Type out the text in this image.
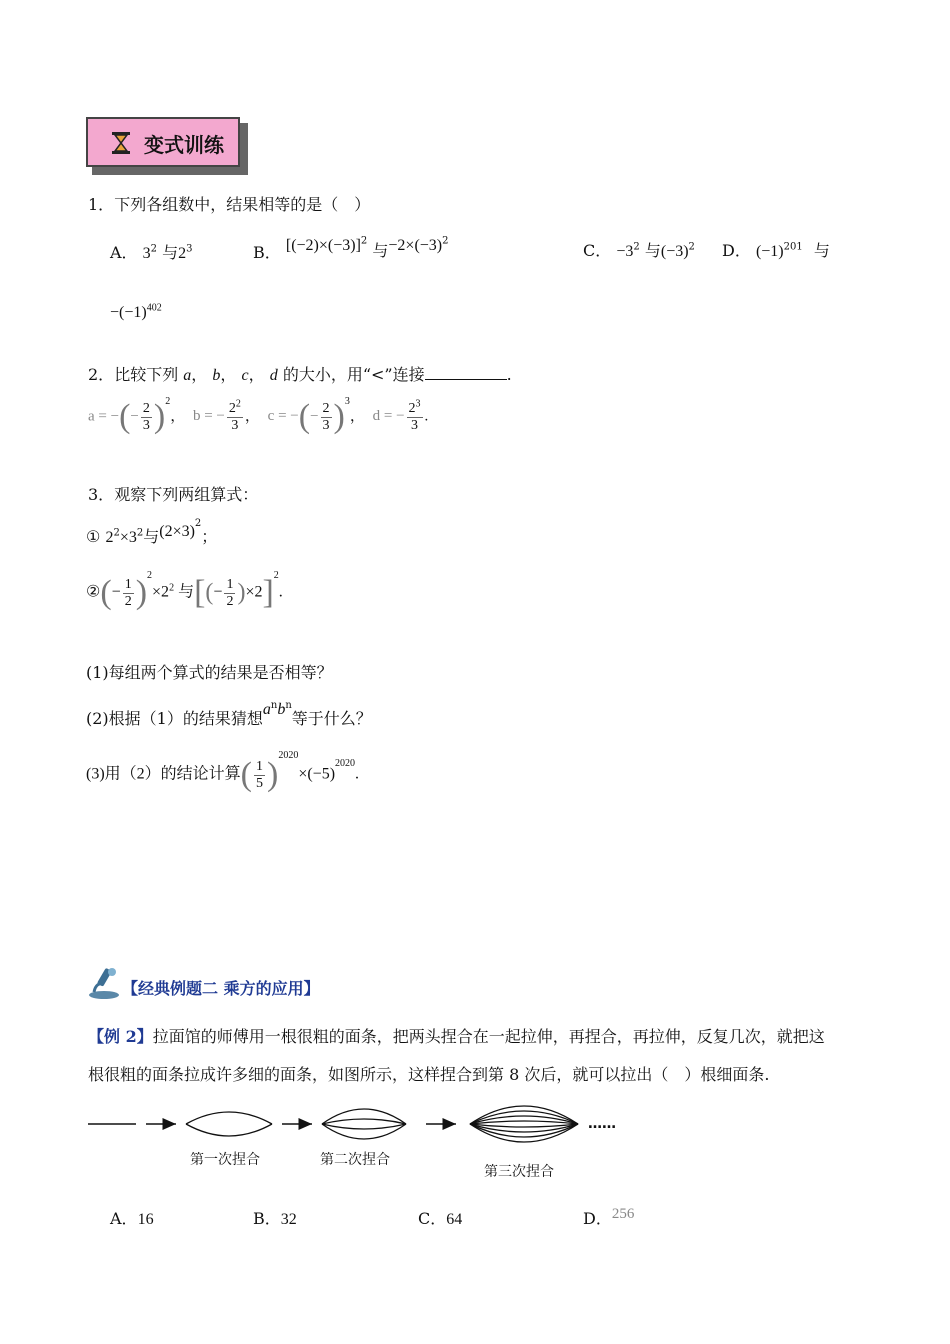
变式训练
1．下列各组数中，结果相等的是（　）
A． $3^2$ 与$2^3$	B． $[(-2)\times(-3)]^2$ 与$-2\times(-3)^2$	C． $-3^2$ 与$(-3)^2$ D． $(-1)^{201}$ 与
$-(-1)^{402}$
2．比较下列 a， b， c， d 的大小，用“<”连接	.
a = −(− $\frac{2}{3} )^2$， b = − $\frac{2^2}{3}$ ， c = −(− $\frac{2}{3} )^3$， d = − $\frac{2^3}{3}$ .
3．观察下列两组算式：
① $2^2\times 3^2$与$(2\times 3)^2$；
②(− $\frac{1}{2} )^2\times 2^2$ 与[(− $\frac{1}{2} )\times 2]^2$.
(1)每组两个算式的结果是否相等？
(2)根据（1）的结果猜想$a^nb^n$等于什么？
(3)用（2）的结论计算( $\frac{1}{5} )^{2020}\times(-5)^{2020}$.
【经典例题二 乘方的应用】
【例 2】拉面馆的师傅用一根很粗的面条，把两头捏合在一起拉伸，再捏合，再拉伸，反复几次，就把这
根很粗的面条拉成许多细的面条，如图所示，这样捏合到第 8 次后，就可以拉出（　）根细面条.
……
第一次捏合	第二次捏合
第三次捏合
A．16	B．32	C．64	D．256
